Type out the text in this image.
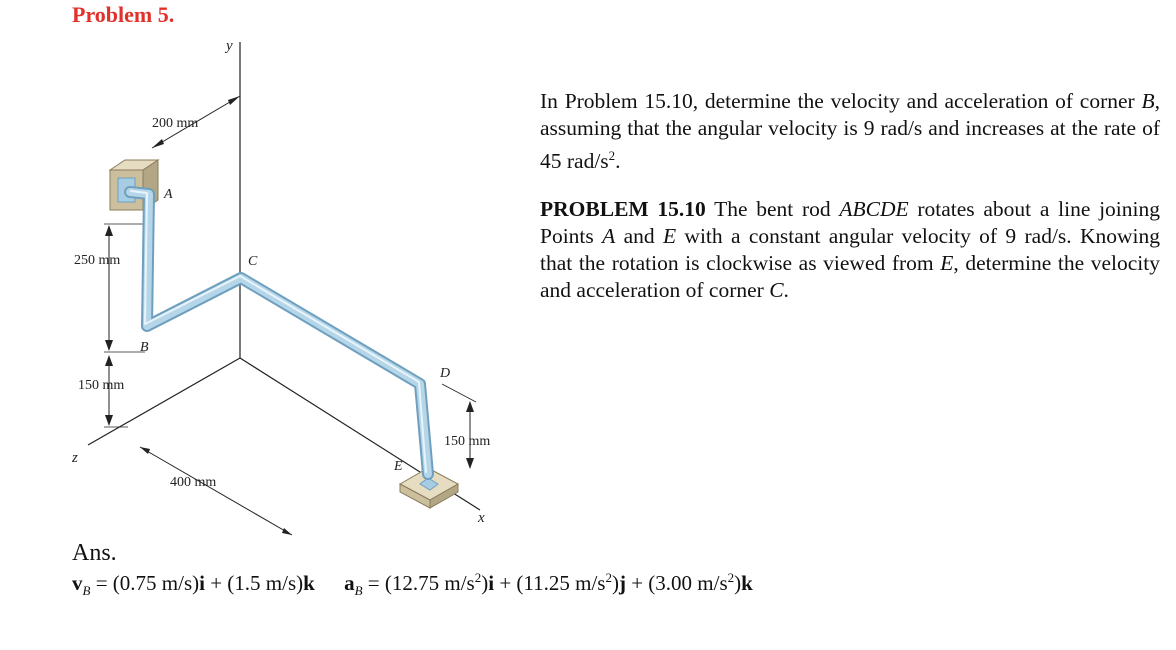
Problem 5.
y
z
x
A
B
C
D
E
200 mm
250 mm
150 mm
400 mm
150 mm

In Problem 15.10, determine the velocity and acceleration of corner B, assuming that the angular velocity is 9 rad/s and increases at the rate of 45 rad/$s^2$.

PROBLEM 15.10 The bent rod ABCDE rotates about a line joining Points A and E with a constant angular velocity of 9 rad/s. Knowing that the rotation is clockwise as viewed from E, determine the velocity and acceleration of corner C.

Ans.
$v_B = (0.75$ m/s)i + (1.5 m/s)k $a_B = (12.75$ $m/s^2)i + (11.25$ $m/s^2)j + (3.00$ $m/s^2)k$
